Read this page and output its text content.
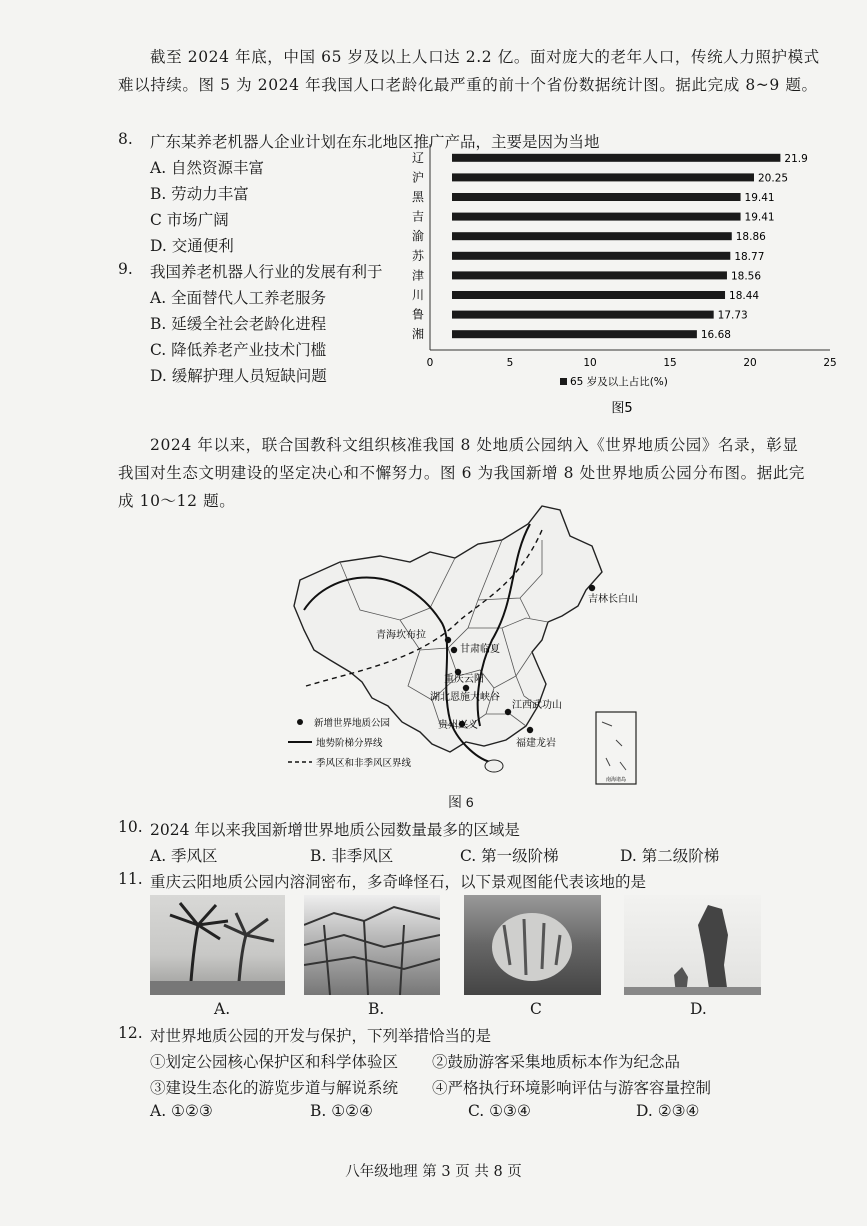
截至 2024 年底，中国 65 岁及以上人口达 2.2 亿。面对庞大的老年人口，传统人力照护模式
难以持续。图 5 为 2024 年我国人口老龄化最严重的前十个省份数据统计图。据此完成 8~9 题。
8. 广东某养老机器人企业计划在东北地区推广产品，主要是因为当地
A. 自然资源丰富
B. 劳动力丰富
C 市场广阔
D. 交通便利
9. 我国养老机器人行业的发展有利于
A. 全面替代人工养老服务
B. 延缓全社会老龄化进程
C. 降低养老产业技术门槛
D. 缓解护理人员短缺问题
辽	21.9
沪	20.25
黑	19.41
吉	19.41
渝	18.86
苏	18.77
津	18.56
川	18.44
鲁	17.73
湘	16.68
0	5	10	15	20	25
65 岁及以上占比(%)
图5
2024 年以来，联合国教科文组织核准我国 8 处地质公园纳入《世界地质公园》名录，彰显
我国对生态文明建设的坚定决心和不懈努力。图 6 为我国新增 8 处世界地质公园分布图。据此完
成 10～12 题。
南海诸岛
吉林长白山
青海坎布拉
甘肃临夏
重庆云阳
湖北恩施大峡谷
江西武功山
贵州兴义
福建龙岩
新增世界地质公园
地势阶梯分界线
季风区和非季风区界线
图 6
10. 2024 年以来我国新增世界地质公园数量最多的区域是
A. 季风区	B. 非季风区	C. 第一级阶梯	D. 第二级阶梯
11. 重庆云阳地质公园内溶洞密布，多奇峰怪石，以下景观图能代表该地的是
A.	B.	C	D.
12. 对世界地质公园的开发与保护，下列举措恰当的是
①划定公园核心保护区和科学体验区 ②鼓励游客采集地质标本作为纪念品
③建设生态化的游览步道与解说系统 ④严格执行环境影响评估与游客容量控制
A. ①②③	B. ①②④	C. ①③④	D. ②③④
八年级地理 第 3 页 共 8 页
